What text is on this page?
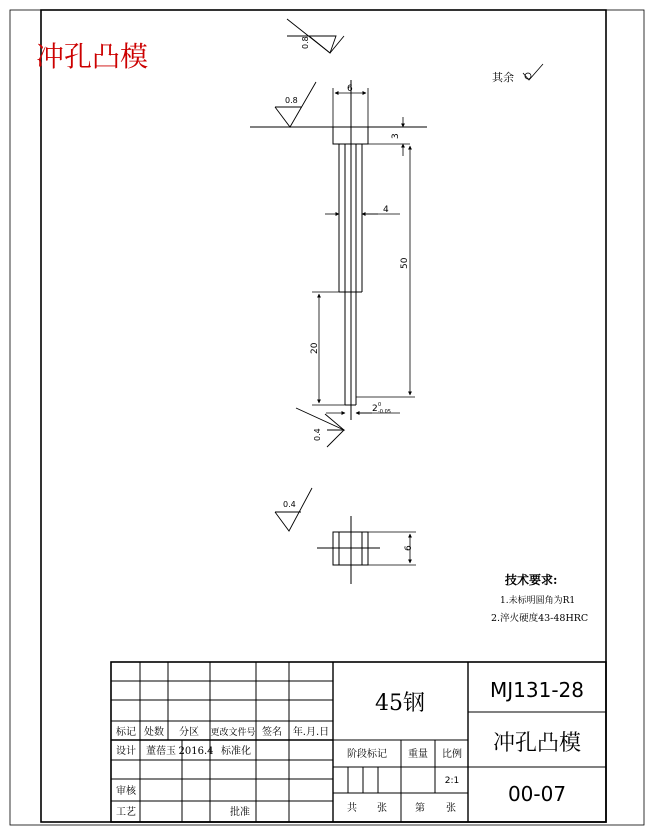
冲孔凸模
6
3
4
50
20
2 0
-0.05
0.8
0.8
0.4
其余
6
0.4
技术要求:
1.未标明圆角为R1
2.淬火硬度43-48HRC
45钢
MJ131-28
冲孔凸模
00-07
标记 处数 分区 更改文件号 签名 年.月.日
设计 董蓓玉 2016.4 标准化
审核
工艺	批准
阶段标记 重量 比例
2:1
共 张	第 张
